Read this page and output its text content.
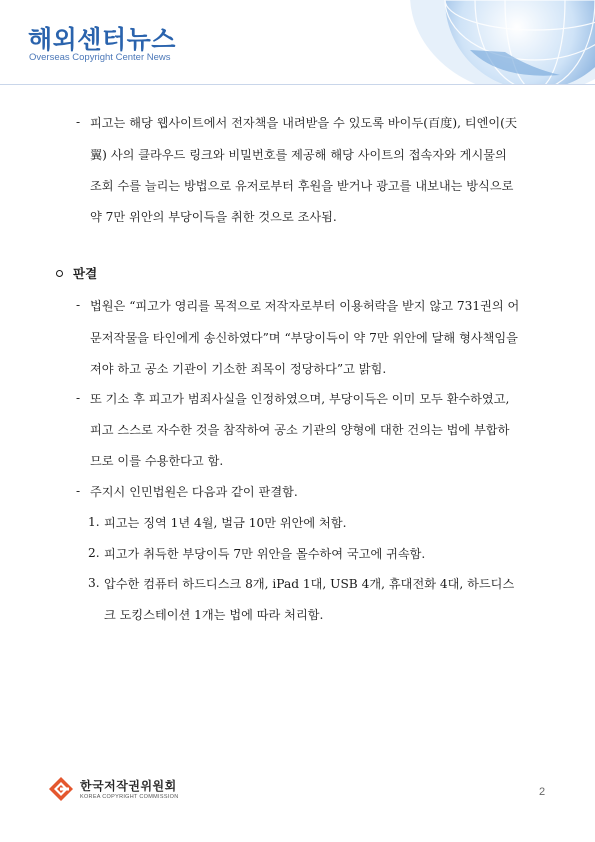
해외센터뉴스
Overseas Copyright Center News
- 피고는 해당 웹사이트에서 전자책을 내려받을 수 있도록 바이두(百度), 티엔이(天
翼) 사의 클라우드 링크와 비밀번호를 제공해 해당 사이트의 접속자와 게시물의
조회 수를 늘리는 방법으로 유저로부터 후원을 받거나 광고를 내보내는 방식으로
약 7만 위안의 부당이득을 취한 것으로 조사됨.
판결
- 법원은 “피고가 영리를 목적으로 저작자로부터 이용허락을 받지 않고 731권의 어
문저작물을 타인에게 송신하였다”며 “부당이득이 약 7만 위안에 달해 형사책임을
져야 하고 공소 기관이 기소한 죄목이 정당하다”고 밝힘.
- 또 기소 후 피고가 범죄사실을 인정하였으며, 부당이득은 이미 모두 환수하였고,
피고 스스로 자수한 것을 참작하여 공소 기관의 양형에 대한 건의는 법에 부합하
므로 이를 수용한다고 함.
- 주지시 인민법원은 다음과 같이 판결함.
1. 피고는 징역 1년 4월, 벌금 10만 위안에 처함.
2. 피고가 취득한 부당이득 7만 위안을 몰수하여 국고에 귀속함.
3. 압수한 컴퓨터 하드디스크 8개, iPad 1대, USB 4개, 휴대전화 4대, 하드디스
크 도킹스테이션 1개는 법에 따라 처리함.
한국저작권위원회
KOREA COPYRIGHT COMMISSION	2
